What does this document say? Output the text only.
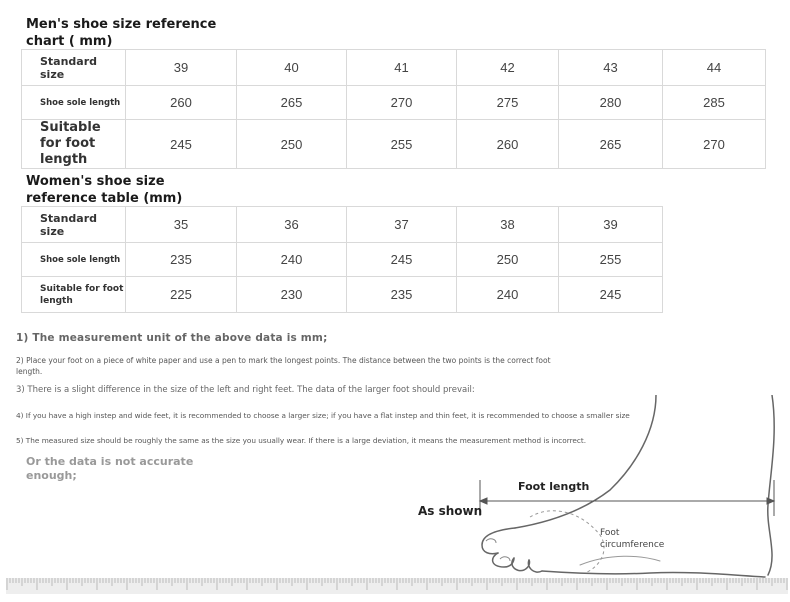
Men's shoe size reference chart ( mm)
Standard size	39	40	41	42	43	44
Shoe sole length	260	265	270	275	280	285
Suitable for foot length	245	250	255	260	265	270
Women's shoe size reference table (mm)
Standard size	35	36	37	38	39
Shoe sole length	235	240	245	250	255
Suitable for foot length	225	230	235	240	245
1) The measurement unit of the above data is mm;
2) Place your foot on a piece of white paper and use a pen to mark the longest points. The distance between the two points is the correct foot length.
3) There is a slight difference in the size of the left and right feet. The data of the larger foot should prevail:
4) If you have a high instep and wide feet, it is recommended to choose a larger size; if you have a flat instep and thin feet, it is recommended to choose a smaller size
5) The measured size should be roughly the same as the size you usually wear. If there is a large deviation, it means the measurement method is incorrect.
Or the data is not accurate enough;
Foot length
As shown
Foot circumference
